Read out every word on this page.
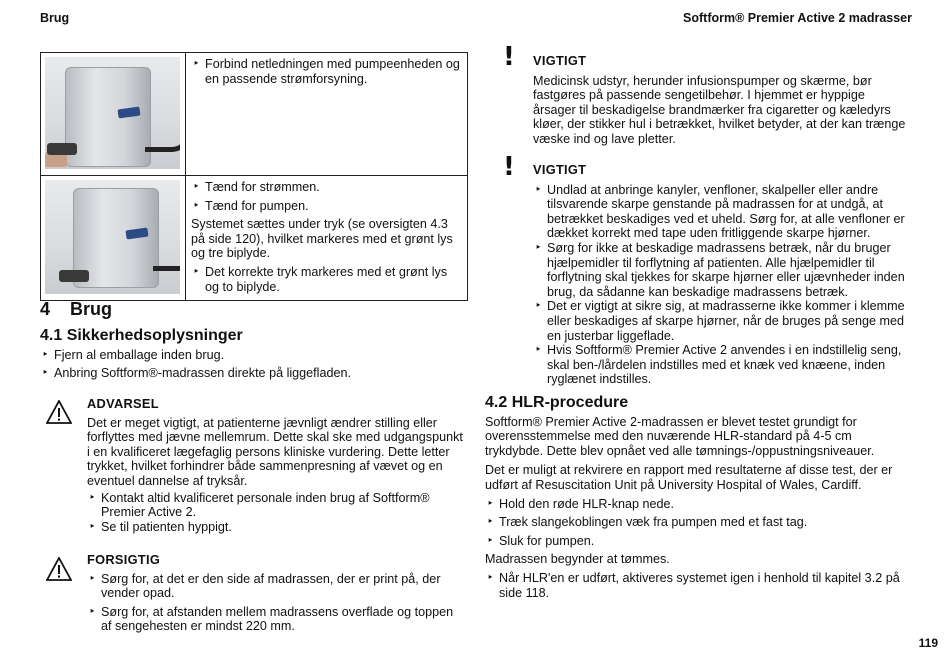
Brug	Softform® Premier Active 2 madrasser
‣ Forbind netledningen med pumpeenheden og en passende strømforsyning.
‣ Tænd for strømmen.
‣ Tænd for pumpen.

Systemet sættes under tryk (se oversigten 4.3 på side 120), hvilket markeres med et grønt lys og tre biplyde.

‣ Det korrekte tryk markeres med et grønt lys og to biplyde.
4 Brug
4.1 Sikkerhedsoplysninger
‣ Fjern al emballage inden brug.
‣ Anbring Softform®-madrassen direkte på liggefladen.
ADVARSEL

Det er meget vigtigt, at patienterne jævnligt ændrer stilling eller forflyttes med jævne mellemrum. Dette skal ske med udgangspunkt i en kvalificeret lægefaglig persons kliniske vurdering. Dette letter trykket, hvilket forhindrer både sammenpresning af vævet og en eventuel dannelse af tryksår.

‣ Kontakt altid kvalificeret personale inden brug af Softform® Premier Active 2.
‣ Se til patienten hyppigt.
FORSIGTIG
‣ Sørg for, at det er den side af madrassen, der er print på, der vender opad.
‣ Sørg for, at afstanden mellem madrassens overflade og toppen af sengehesten er mindst 220 mm.
! VIGTIGT

Medicinsk udstyr, herunder infusionspumper og skærme, bør fastgøres på passende sengetilbehør. I hjemmet er hyppige årsager til beskadigelse brandmærker fra cigaretter og kæledyrs kløer, der stikker hul i betrækket, hvilket betyder, at der kan trænge væske ind og lave pletter.

! VIGTIGT
‣ Undlad at anbringe kanyler, venfloner, skalpeller eller andre tilsvarende skarpe genstande på madrassen for at undgå, at betrækket beskadiges ved et uheld. Sørg for, at alle venfloner er dækket korrekt med tape uden fritliggende skarpe hjørner.
‣ Sørg for ikke at beskadige madrassens betræk, når du bruger hjælpemidler til forflytning af patienten. Alle hjælpemidler til forflytning skal tjekkes for skarpe hjørner eller ujævnheder inden brug, da sådanne kan beskadige madrassens betræk.
‣ Det er vigtigt at sikre sig, at madrasserne ikke kommer i klemme eller beskadiges af skarpe hjørner, når de bruges på senge med en justerbar liggeflade.
‣ Hvis Softform® Premier Active 2 anvendes i en indstillelig seng, skal ben-/lårdelen indstilles med et knæk ved knæene, inden ryglænet indstilles.
4.2 HLR-procedure

Softform® Premier Active 2-madrassen er blevet testet grundigt for overensstemmelse med den nuværende HLR-standard på 4-5 cm trykdybde. Dette blev opnået ved alle tømnings-/oppustningsniveauer.

Det er muligt at rekvirere en rapport med resultaterne af disse test, der er udført af Resuscitation Unit på University Hospital of Wales, Cardiff.

‣ Hold den røde HLR-knap nede.
‣ Træk slangekoblingen væk fra pumpen med et fast tag.
‣ Sluk for pumpen.

Madrassen begynder at tømmes.

‣ Når HLR'en er udført, aktiveres systemet igen i henhold til kapitel 3.2 på side 118.
119
